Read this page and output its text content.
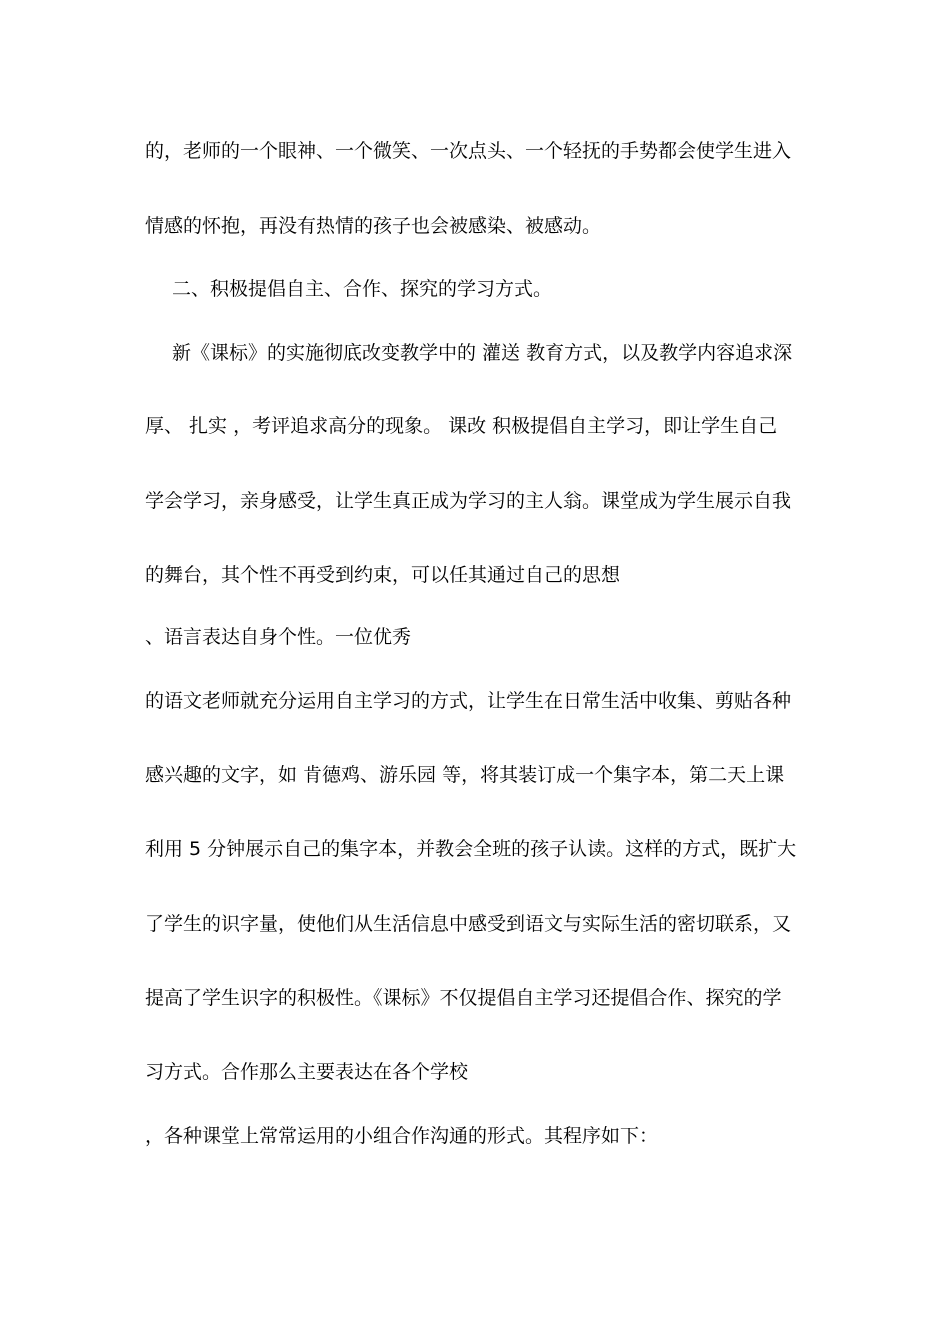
的，老师的一个眼神、一个微笑、一次点头、一个轻抚的手势都会使学生进入
情感的怀抱，再没有热情的孩子也会被感染、被感动。
二、积极提倡自主、合作、探究的学习方式。
新《课标》的实施彻底改变教学中的 灌送 教育方式，以及教学内容追求深
厚、 扎实 ，考评追求高分的现象。 课改 积极提倡自主学习，即让学生自己
学会学习，亲身感受，让学生真正成为学习的主人翁。课堂成为学生展示自我
的舞台，其个性不再受到约束，可以任其通过自己的思想
、语言表达自身个性。一位优秀
的语文老师就充分运用自主学习的方式，让学生在日常生活中收集、剪贴各种
感兴趣的文字，如 肯德鸡、游乐园 等，将其装订成一个集字本，第二天上课
利用 5 分钟展示自己的集字本，并教会全班的孩子认读。这样的方式，既扩大
了学生的识字量，使他们从生活信息中感受到语文与实际生活的密切联系，又
提高了学生识字的积极性。《课标》不仅提倡自主学习还提倡合作、探究的学
习方式。合作那么主要表达在各个学校
，各种课堂上常常运用的小组合作沟通的形式。其程序如下：
